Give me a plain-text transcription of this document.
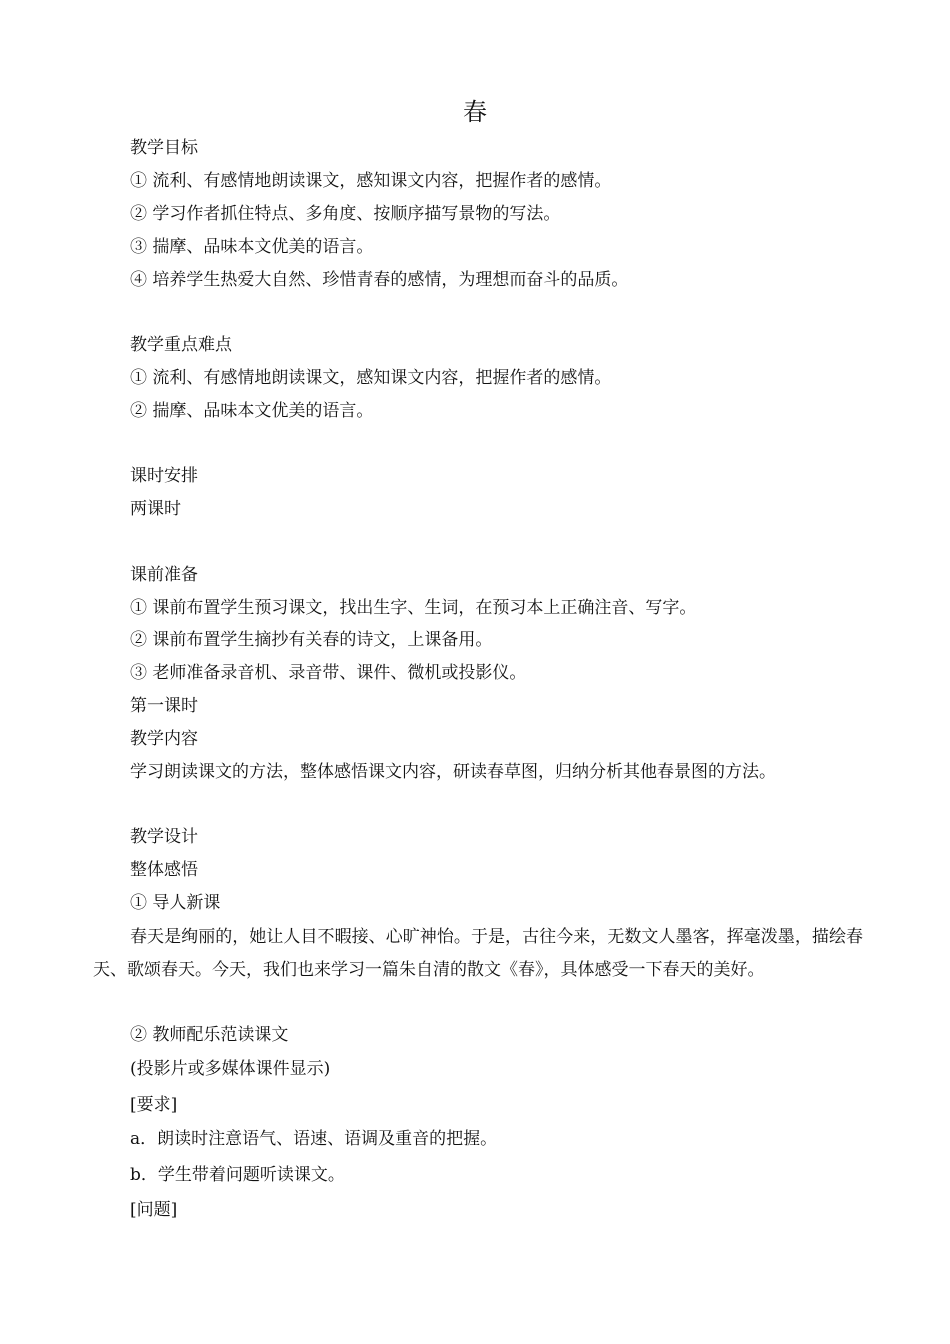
春
教学目标
① 流利、有感情地朗读课文，感知课文内容，把握作者的感情。
② 学习作者抓住特点、多角度、按顺序描写景物的写法。
③ 揣摩、品味本文优美的语言。
④ 培养学生热爱大自然、珍惜青春的感情，为理想而奋斗的品质。
教学重点难点
① 流利、有感情地朗读课文，感知课文内容，把握作者的感情。
② 揣摩、品味本文优美的语言。
课时安排
两课时
课前准备
① 课前布置学生预习课文，找出生字、生词，在预习本上正确注音、写字。
② 课前布置学生摘抄有关春的诗文，上课备用。
③ 老师准备录音机、录音带、课件、微机或投影仪。
第一课时
教学内容
学习朗读课文的方法，整体感悟课文内容，研读春草图，归纳分析其他春景图的方法。
教学设计
整体感悟
① 导人新课
春天是绚丽的，她让人目不暇接、心旷神怡。于是，古往今来，无数文人墨客，挥毫泼墨，描绘春天、歌颂春天。今天，我们也来学习一篇朱自清的散文《春》，具体感受一下春天的美好。
② 教师配乐范读课文
(投影片或多媒体课件显示)
[要求]
a．朗读时注意语气、语速、语调及重音的把握。
b．学生带着问题听读课文。
[问题]
